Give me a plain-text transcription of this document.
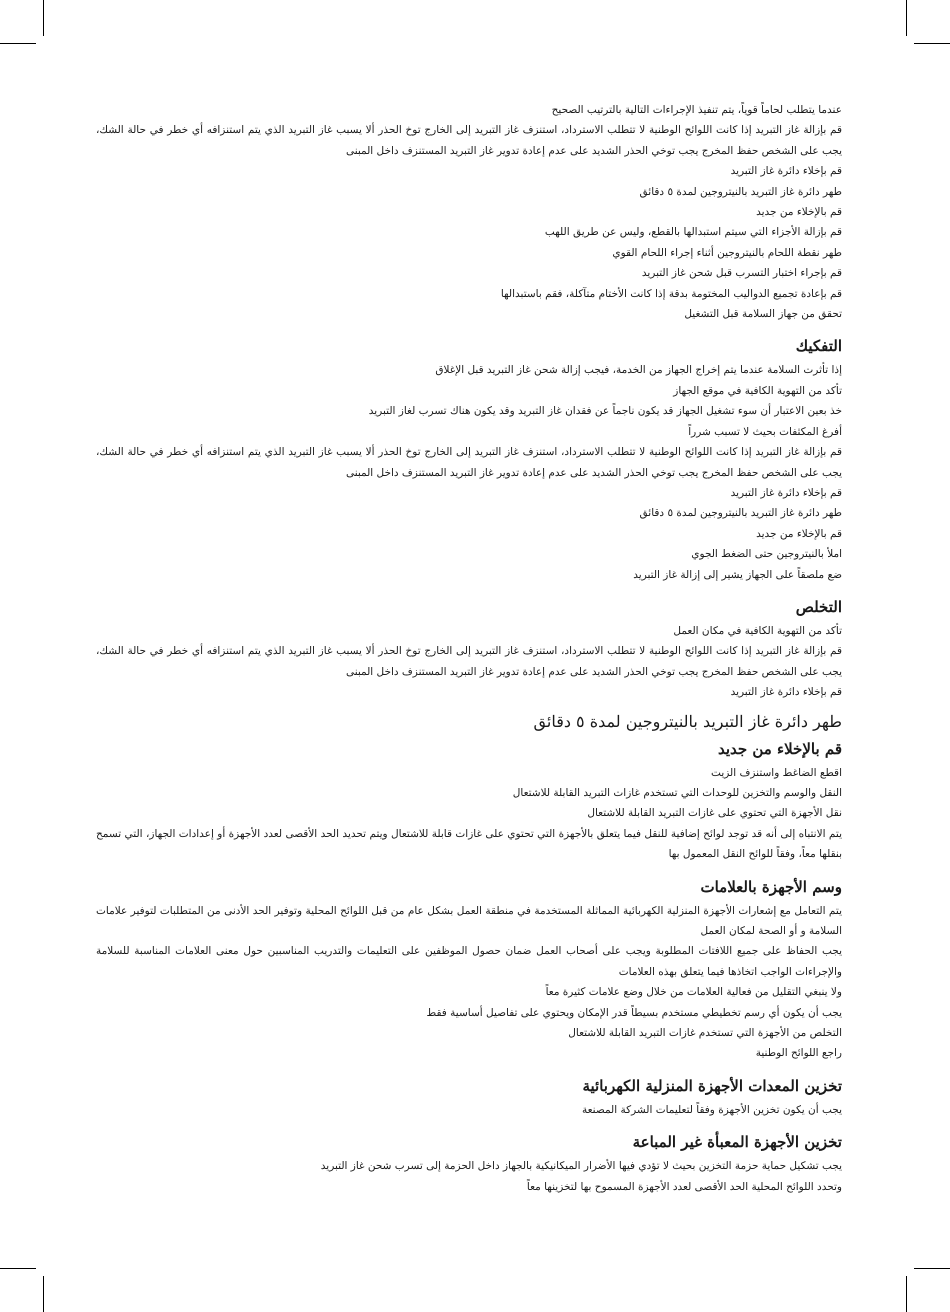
عندما يتطلب لحاماً قوياً، يتم تنفيذ الإجراءات التالية بالترتيب الصحيح
قم بإزالة غاز التبريد إذا كانت اللوائح الوطنية لا تتطلب الاسترداد، استنزف غاز التبريد إلى الخارج توخ الحذر ألا يسبب غاز التبريد الذي يتم استنزافه أي خطر في حالة الشك، يجب على الشخص حفظ المخرج يجب توخي الحذر الشديد على عدم إعادة تدوير غاز التبريد المستنزف داخل المبنى
قم بإخلاء دائرة غاز التبريد
طهر دائرة غاز التبريد بالنيتروجين لمدة ٥ دقائق
قم بالإخلاء من جديد
قم بإزالة الأجزاء التي سيتم استبدالها بالقطع، وليس عن طريق اللهب
طهر نقطة اللحام بالنيتروجين أثناء إجراء اللحام القوي
قم بإجراء اختبار التسرب قبل شحن غاز التبريد
قم بإعادة تجميع الدواليب المختومة بدقة إذا كانت الأختام متآكلة، فقم باستبدالها
تحقق من جهاز السلامة قبل التشغيل
التفكيك
إذا تأثرت السلامة عندما يتم إخراج الجهاز من الخدمة، فيجب إزالة شحن غاز التبريد قبل الإغلاق
تأكد من التهوية الكافية في موقع الجهاز
خذ بعين الاعتبار أن سوء تشغيل الجهاز قد يكون ناجماً عن فقدان غاز التبريد وقد يكون هناك تسرب لغاز التبريد
أفرغ المكثفات بحيث لا تسبب شرراً
قم بإزالة غاز التبريد إذا كانت اللوائح الوطنية لا تتطلب الاسترداد، استنزف غاز التبريد إلى الخارج توخ الحذر ألا يسبب غاز التبريد الذي يتم استنزافه أي خطر في حالة الشك، يجب على الشخص حفظ المخرج يجب توخي الحذر الشديد على عدم إعادة تدوير غاز التبريد المستنزف داخل المبنى
قم بإخلاء دائرة غاز التبريد
طهر دائرة غاز التبريد بالنيتروجين لمدة ٥ دقائق
قم بالإخلاء من جديد
املأ بالنيتروجين حتى الضغط الجوي
ضع ملصقاً على الجهاز يشير إلى إزالة غاز التبريد
التخلص
تأكد من التهوية الكافية في مكان العمل
قم بإزالة غاز التبريد إذا كانت اللوائح الوطنية لا تتطلب الاسترداد، استنزف غاز التبريد إلى الخارج توخ الحذر ألا يسبب غاز التبريد الذي يتم استنزافه أي خطر في حالة الشك، يجب على الشخص حفظ المخرج يجب توخي الحذر الشديد على عدم إعادة تدوير غاز التبريد المستنزف داخل المبنى
قم بإخلاء دائرة غاز التبريد
طهر دائرة غاز التبريد بالنيتروجين لمدة ٥ دقائق
قم بالإخلاء من جديد
اقطع الضاغط واستنزف الزيت
النقل والوسم والتخزين للوحدات التي تستخدم غازات التبريد القابلة للاشتعال
نقل الأجهزة التي تحتوي على غازات التبريد القابلة للاشتعال
يتم الانتباه إلى أنه قد توجد لوائح إضافية للنقل فيما يتعلق بالأجهزة التي تحتوي على غازات قابلة للاشتعال ويتم تحديد الحد الأقصى لعدد الأجهزة أو إعدادات الجهاز، التي تسمح بنقلها معاً، وفقاً للوائح النقل المعمول بها
وسم الأجهزة بالعلامات
يتم التعامل مع إشعارات الأجهزة المنزلية الكهربائية المماثلة المستخدمة في منطقة العمل بشكل عام من قبل اللوائح المحلية وتوفير الحد الأدنى من المتطلبات لتوفير علامات السلامة و أو الصحة لمكان العمل
يجب الحفاظ على جميع اللافتات المطلوبة ويجب على أصحاب العمل ضمان حصول الموظفين على التعليمات والتدريب المناسبين حول معنى العلامات المناسبة للسلامة والإجراءات الواجب اتخاذها فيما يتعلق بهذه العلامات
ولا ينبغي التقليل من فعالية العلامات من خلال وضع علامات كثيرة معاً
يجب أن يكون أي رسم تخطيطي مستخدم بسيطاً قدر الإمكان ويحتوي على تفاصيل أساسية فقط
التخلص من الأجهزة التي تستخدم غازات التبريد القابلة للاشتعال
راجع اللوائح الوطنية
تخزين المعدات الأجهزة المنزلية الكهربائية
يجب أن يكون تخزين الأجهزة وفقاً لتعليمات الشركة المصنعة
تخزين الأجهزة المعبأة غير المباعة
يجب تشكيل حماية حزمة التخزين بحيث لا تؤدي فيها الأضرار الميكانيكية بالجهاز داخل الحزمة إلى تسرب شحن غاز التبريد
وتحدد اللوائح المحلية الحد الأقصى لعدد الأجهزة المسموح بها لتخزينها معاً
